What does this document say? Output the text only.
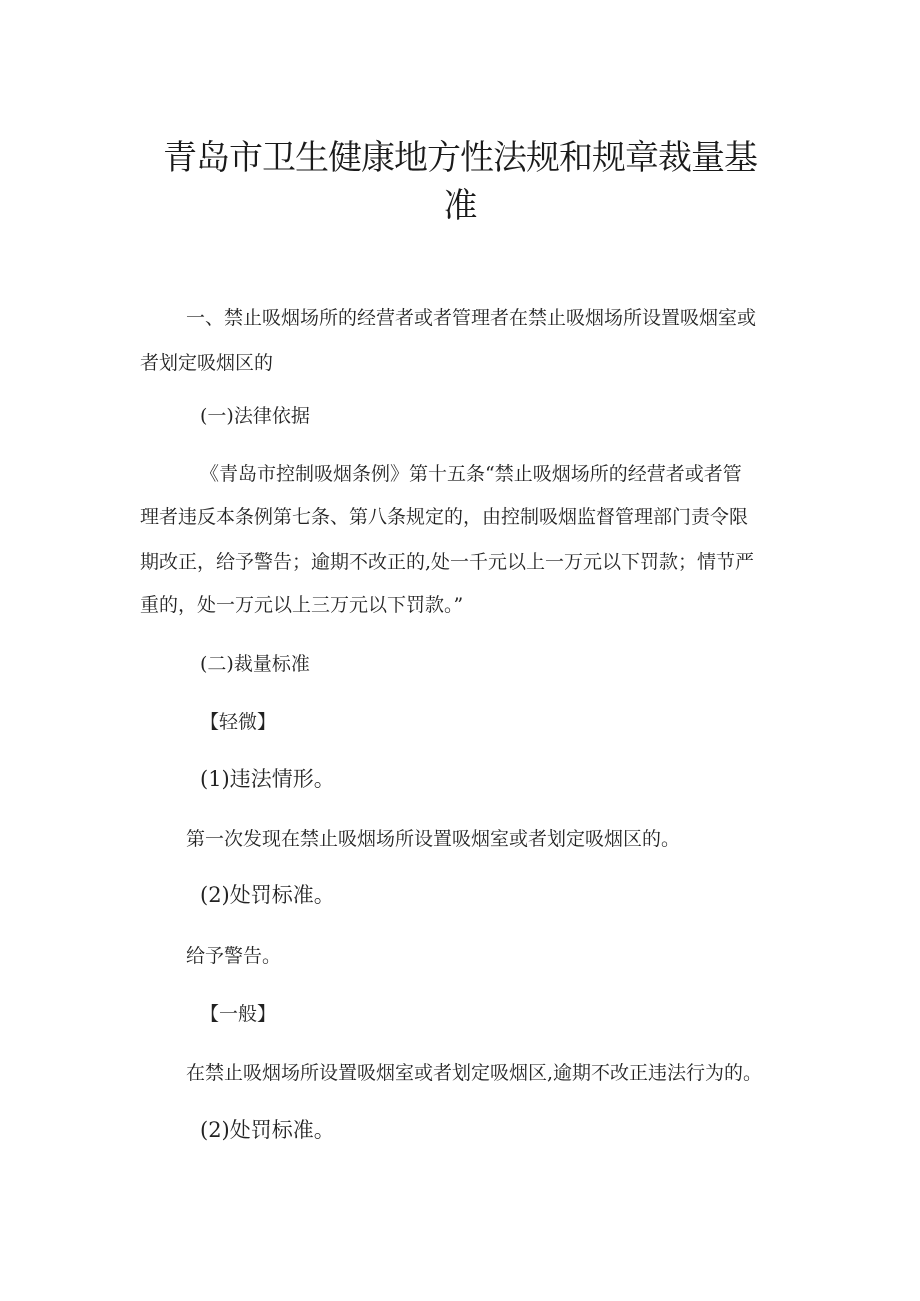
青岛市卫生健康地方性法规和规章裁量基
准
一、禁止吸烟场所的经营者或者管理者在禁止吸烟场所设置吸烟室或
者划定吸烟区的
(一)法律依据
《青岛市控制吸烟条例》第十五条“禁止吸烟场所的经营者或者管
理者违反本条例第七条、第八条规定的，由控制吸烟监督管理部门责令限
期改正，给予警告；逾期不改正的,处一千元以上一万元以下罚款；情节严
重的，处一万元以上三万元以下罚款。”
(二)裁量标准
【轻微】
(1)违法情形。
第一次发现在禁止吸烟场所设置吸烟室或者划定吸烟区的。
(2)处罚标准。
给予警告。
【一般】
在禁止吸烟场所设置吸烟室或者划定吸烟区,逾期不改正违法行为的。
(2)处罚标准。
